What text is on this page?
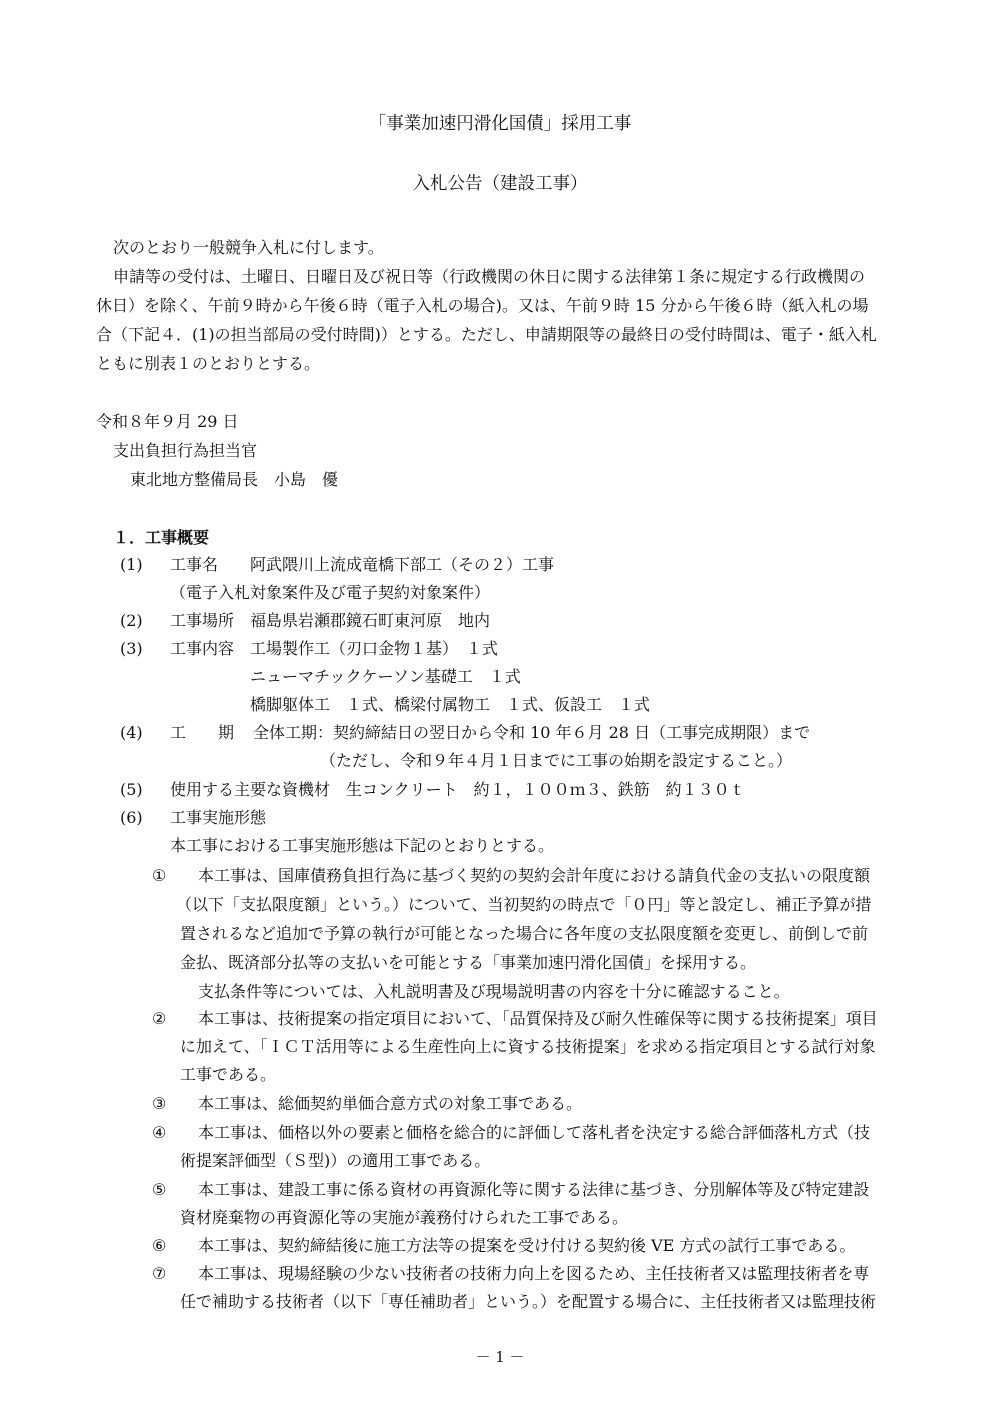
「事業加速円滑化国債」採用工事
入札公告（建設工事）
次のとおり一般競争入札に付します。
申請等の受付は、土曜日、日曜日及び祝日等（行政機関の休日に関する法律第１条に規定する行政機関の
休日）を除く、午前９時から午後６時（電子入札の場合)。又は、午前９時 15 分から午後６時（紙入札の場
合（下記４．(1)の担当部局の受付時間)）とする。ただし、申請期限等の最終日の受付時間は、電子・紙入札
ともに別表１のとおりとする。
令和８年９月 29 日
支出負担行為担当官
東北地方整備局長　小島　優
１．工事概要
(1) 工事名 阿武隈川上流成竜橋下部工（その２）工事
（電子入札対象案件及び電子契約対象案件）
(2) 工事場所 福島県岩瀬郡鏡石町東河原　地内
(3) 工事内容 工場製作工（刃口金物１基）　１式
ニューマチックケーソン基礎工　１式
橋脚躯体工　１式、橋梁付属物工　１式、仮設工　１式
(4) 工　　期 全体工期：契約締結日の翌日から令和 10 年６月 28 日（工事完成期限）まで
（ただし、令和９年４月１日までに工事の始期を設定すること。）
(5) 使用する主要な資機材　生コンクリート　約１，１００ｍ３、鉄筋　約１３０ｔ
(6) 工事実施形態
本工事における工事実施形態は下記のとおりとする。
① 本工事は、国庫債務負担行為に基づく契約の契約会計年度における請負代金の支払いの限度額
（以下「支払限度額」という。）について、当初契約の時点で「０円」等と設定し、補正予算が措
置されるなど追加で予算の執行が可能となった場合に各年度の支払限度額を変更し、前倒しで前
金払、既済部分払等の支払いを可能とする「事業加速円滑化国債」を採用する。
支払条件等については、入札説明書及び現場説明書の内容を十分に確認すること。
② 本工事は、技術提案の指定項目において、「品質保持及び耐久性確保等に関する技術提案」項目
に加えて、「ＩＣＴ活用等による生産性向上に資する技術提案」を求める指定項目とする試行対象
工事である。
③ 本工事は、総価契約単価合意方式の対象工事である。
④ 本工事は、価格以外の要素と価格を総合的に評価して落札者を決定する総合評価落札方式（技
術提案評価型（Ｓ型)）の適用工事である。
⑤ 本工事は、建設工事に係る資材の再資源化等に関する法律に基づき、分別解体等及び特定建設
資材廃棄物の再資源化等の実施が義務付けられた工事である。
⑥ 本工事は、契約締結後に施工方法等の提案を受け付ける契約後 VE 方式の試行工事である。
⑦ 本工事は、現場経験の少ない技術者の技術力向上を図るため、主任技術者又は監理技術者を専
任で補助する技術者（以下「専任補助者」という。）を配置する場合に、主任技術者又は監理技術
－ 1 －
